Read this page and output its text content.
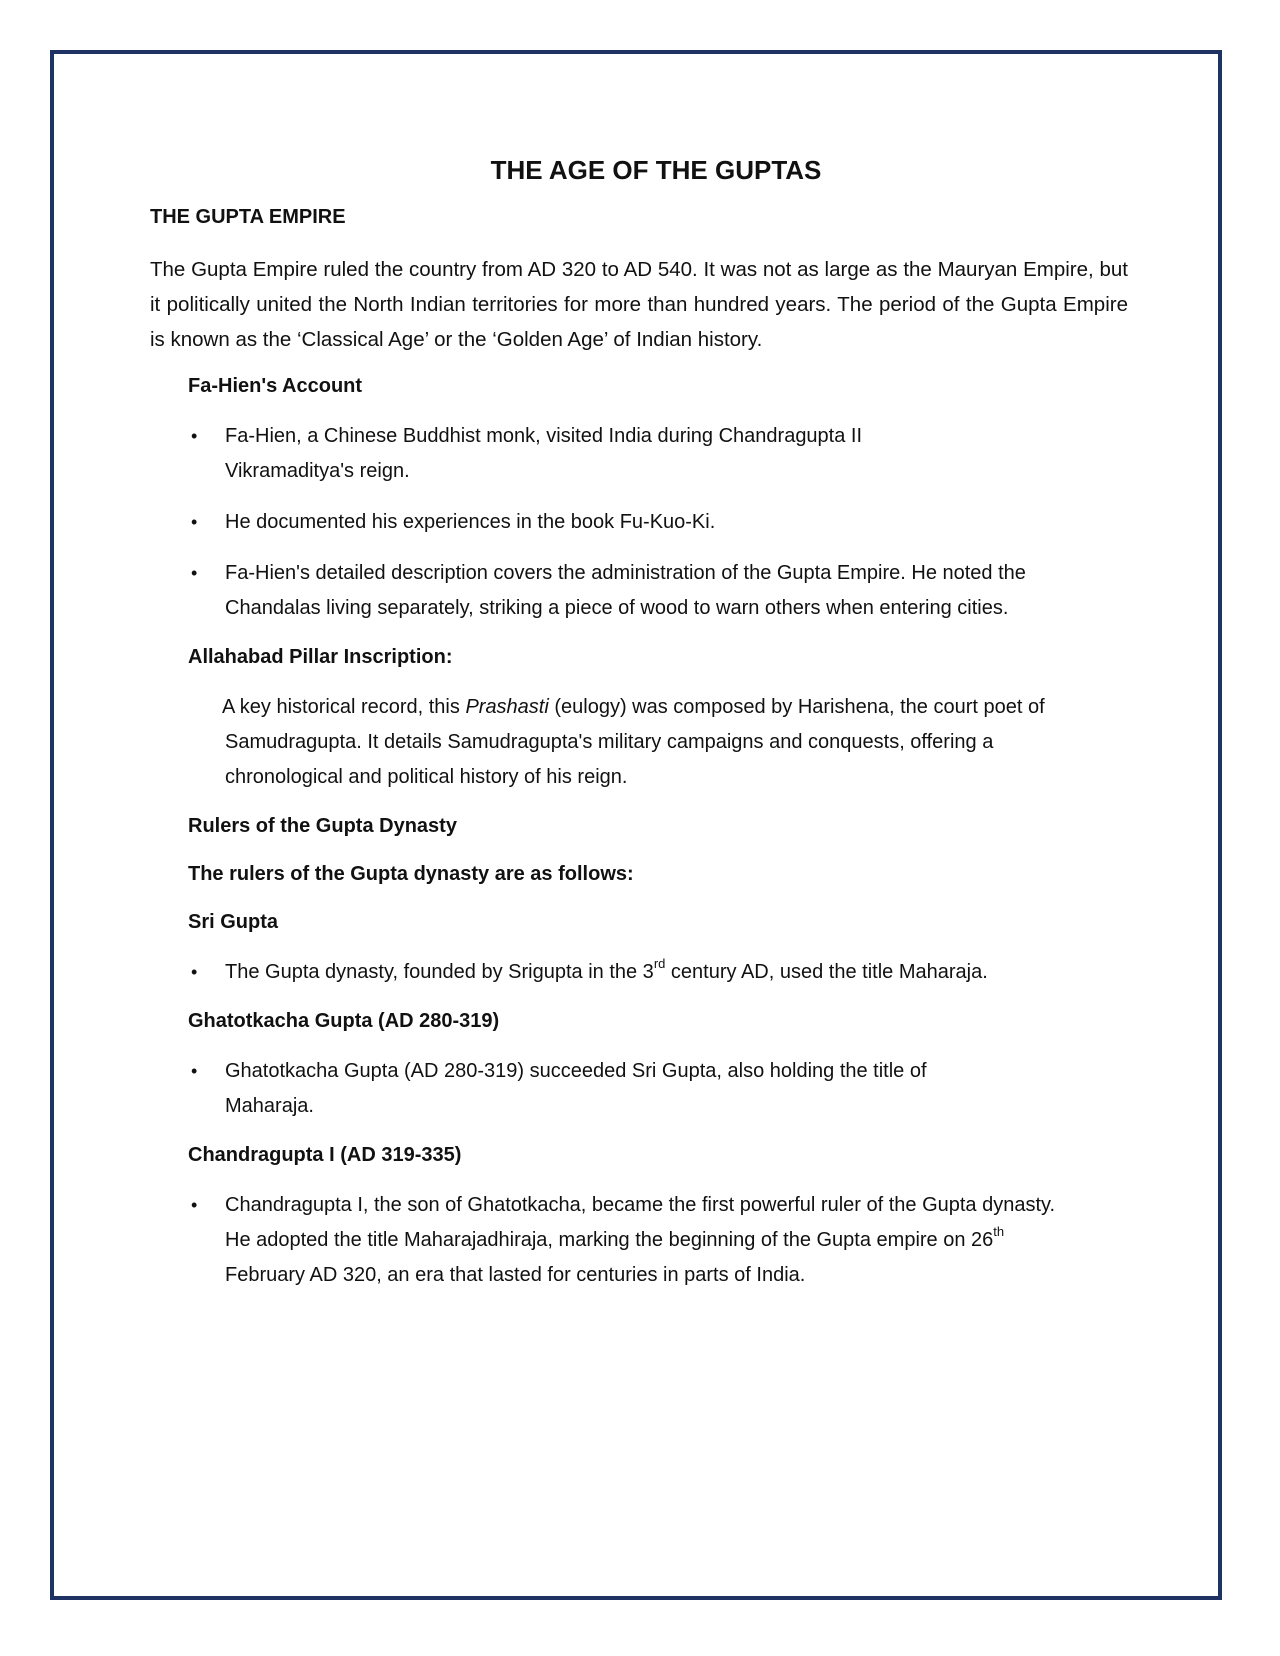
THE AGE OF THE GUPTAS
THE GUPTA EMPIRE

The Gupta Empire ruled the country from AD 320 to AD 540. It was not as large as the Mauryan Empire, but it politically united the North Indian territories for more than hundred years. The period of the Gupta Empire is known as the ‘Classical Age’ or the ‘Golden Age’ of Indian history.

Fa-Hien's Account
• Fa-Hien, a Chinese Buddhist monk, visited India during Chandragupta II Vikramaditya's reign.
• He documented his experiences in the book Fu-Kuo-Ki.
• Fa-Hien's detailed description covers the administration of the Gupta Empire. He noted the Chandalas living separately, striking a piece of wood to warn others when entering cities.
Allahabad Pillar Inscription:

A key historical record, this Prashasti (eulogy) was composed by Harishena, the court poet of Samudragupta. It details Samudragupta's military campaigns and conquests, offering a chronological and political history of his reign.

Rulers of the Gupta Dynasty
The rulers of the Gupta dynasty are as follows:
Sri Gupta
• The Gupta dynasty, founded by Srigupta in the 3rd century AD, used the title Maharaja.
Ghatotkacha Gupta (AD 280-319)
• Ghatotkacha Gupta (AD 280-319) succeeded Sri Gupta, also holding the title of Maharaja.
Chandragupta I (AD 319-335)
• Chandragupta I, the son of Ghatotkacha, became the first powerful ruler of the Gupta dynasty. He adopted the title Maharajadhiraja, marking the beginning of the Gupta empire on 26th February AD 320, an era that lasted for centuries in parts of India.
